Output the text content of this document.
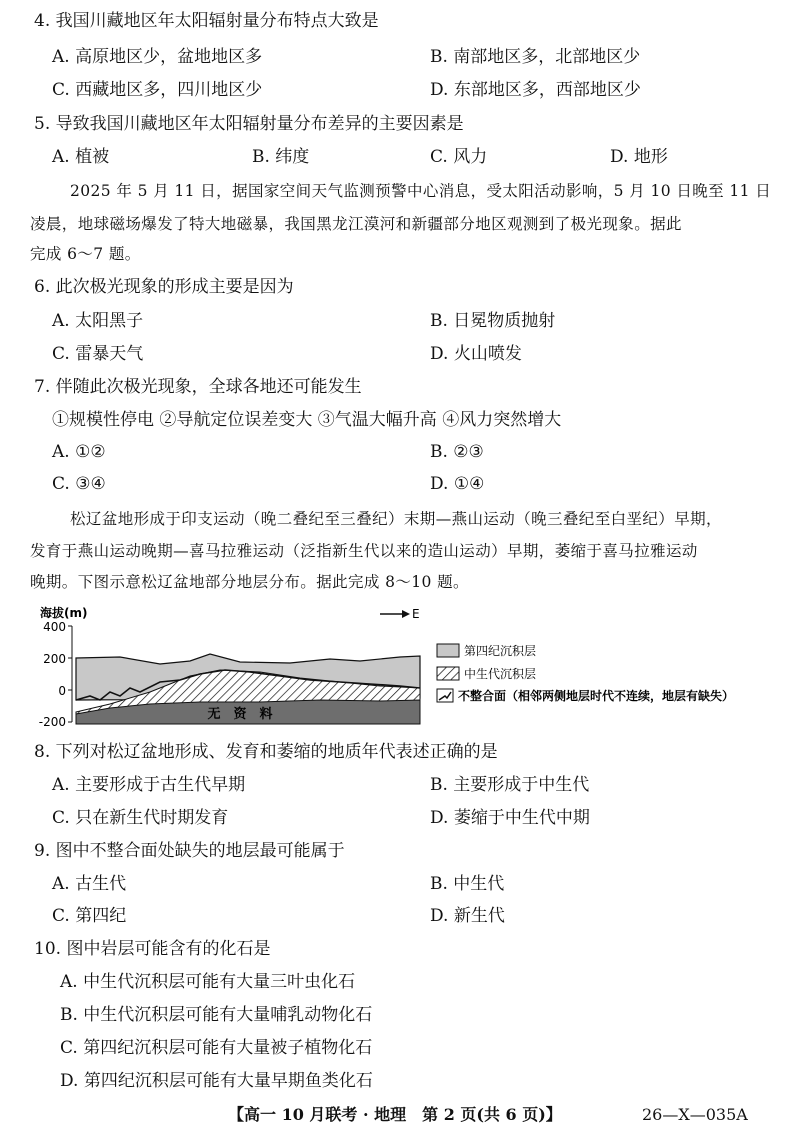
4. 我国川藏地区年太阳辐射量分布特点大致是
A. 高原地区少，盆地地区多	B. 南部地区多，北部地区少
C. 西藏地区多，四川地区少	D. 东部地区多，西部地区少
5. 导致我国川藏地区年太阳辐射量分布差异的主要因素是
A. 植被	B. 纬度	C. 风力	D. 地形
2025 年 5 月 11 日，据国家空间天气监测预警中心消息，受太阳活动影响，5 月 10 日晚至 11 日
凌晨，地球磁场爆发了特大地磁暴，我国黑龙江漠河和新疆部分地区观测到了极光现象。据此
完成 6～7 题。
6. 此次极光现象的形成主要是因为
A. 太阳黑子	B. 日冕物质抛射
C. 雷暴天气	D. 火山喷发
7. 伴随此次极光现象，全球各地还可能发生
①规模性停电 ②导航定位误差变大 ③气温大幅升高 ④风力突然增大
A. ①②	B. ②③
C. ③④	D. ①④
松辽盆地形成于印支运动（晚二叠纪至三叠纪）末期—燕山运动（晚三叠纪至白垩纪）早期，
发育于燕山运动晚期—喜马拉雅运动（泛指新生代以来的造山运动）早期，萎缩于喜马拉雅运动
晚期。下图示意松辽盆地部分地层分布。据此完成 8～10 题。
海拔(m)
400
200
0
-200
E
无　资　料
第四纪沉积层
中生代沉积层
不整合面（相邻两侧地层时代不连续，地层有缺失）
8. 下列对松辽盆地形成、发育和萎缩的地质年代表述正确的是
A. 主要形成于古生代早期	B. 主要形成于中生代
C. 只在新生代时期发育	D. 萎缩于中生代中期
9. 图中不整合面处缺失的地层最可能属于
A. 古生代	B. 中生代
C. 第四纪	D. 新生代
10. 图中岩层可能含有的化石是
A. 中生代沉积层可能有大量三叶虫化石
B. 中生代沉积层可能有大量哺乳动物化石
C. 第四纪沉积层可能有大量被子植物化石
D. 第四纪沉积层可能有大量早期鱼类化石
【高一 10 月联考 · 地理　第 2 页(共 6 页)】	26—X—035A
